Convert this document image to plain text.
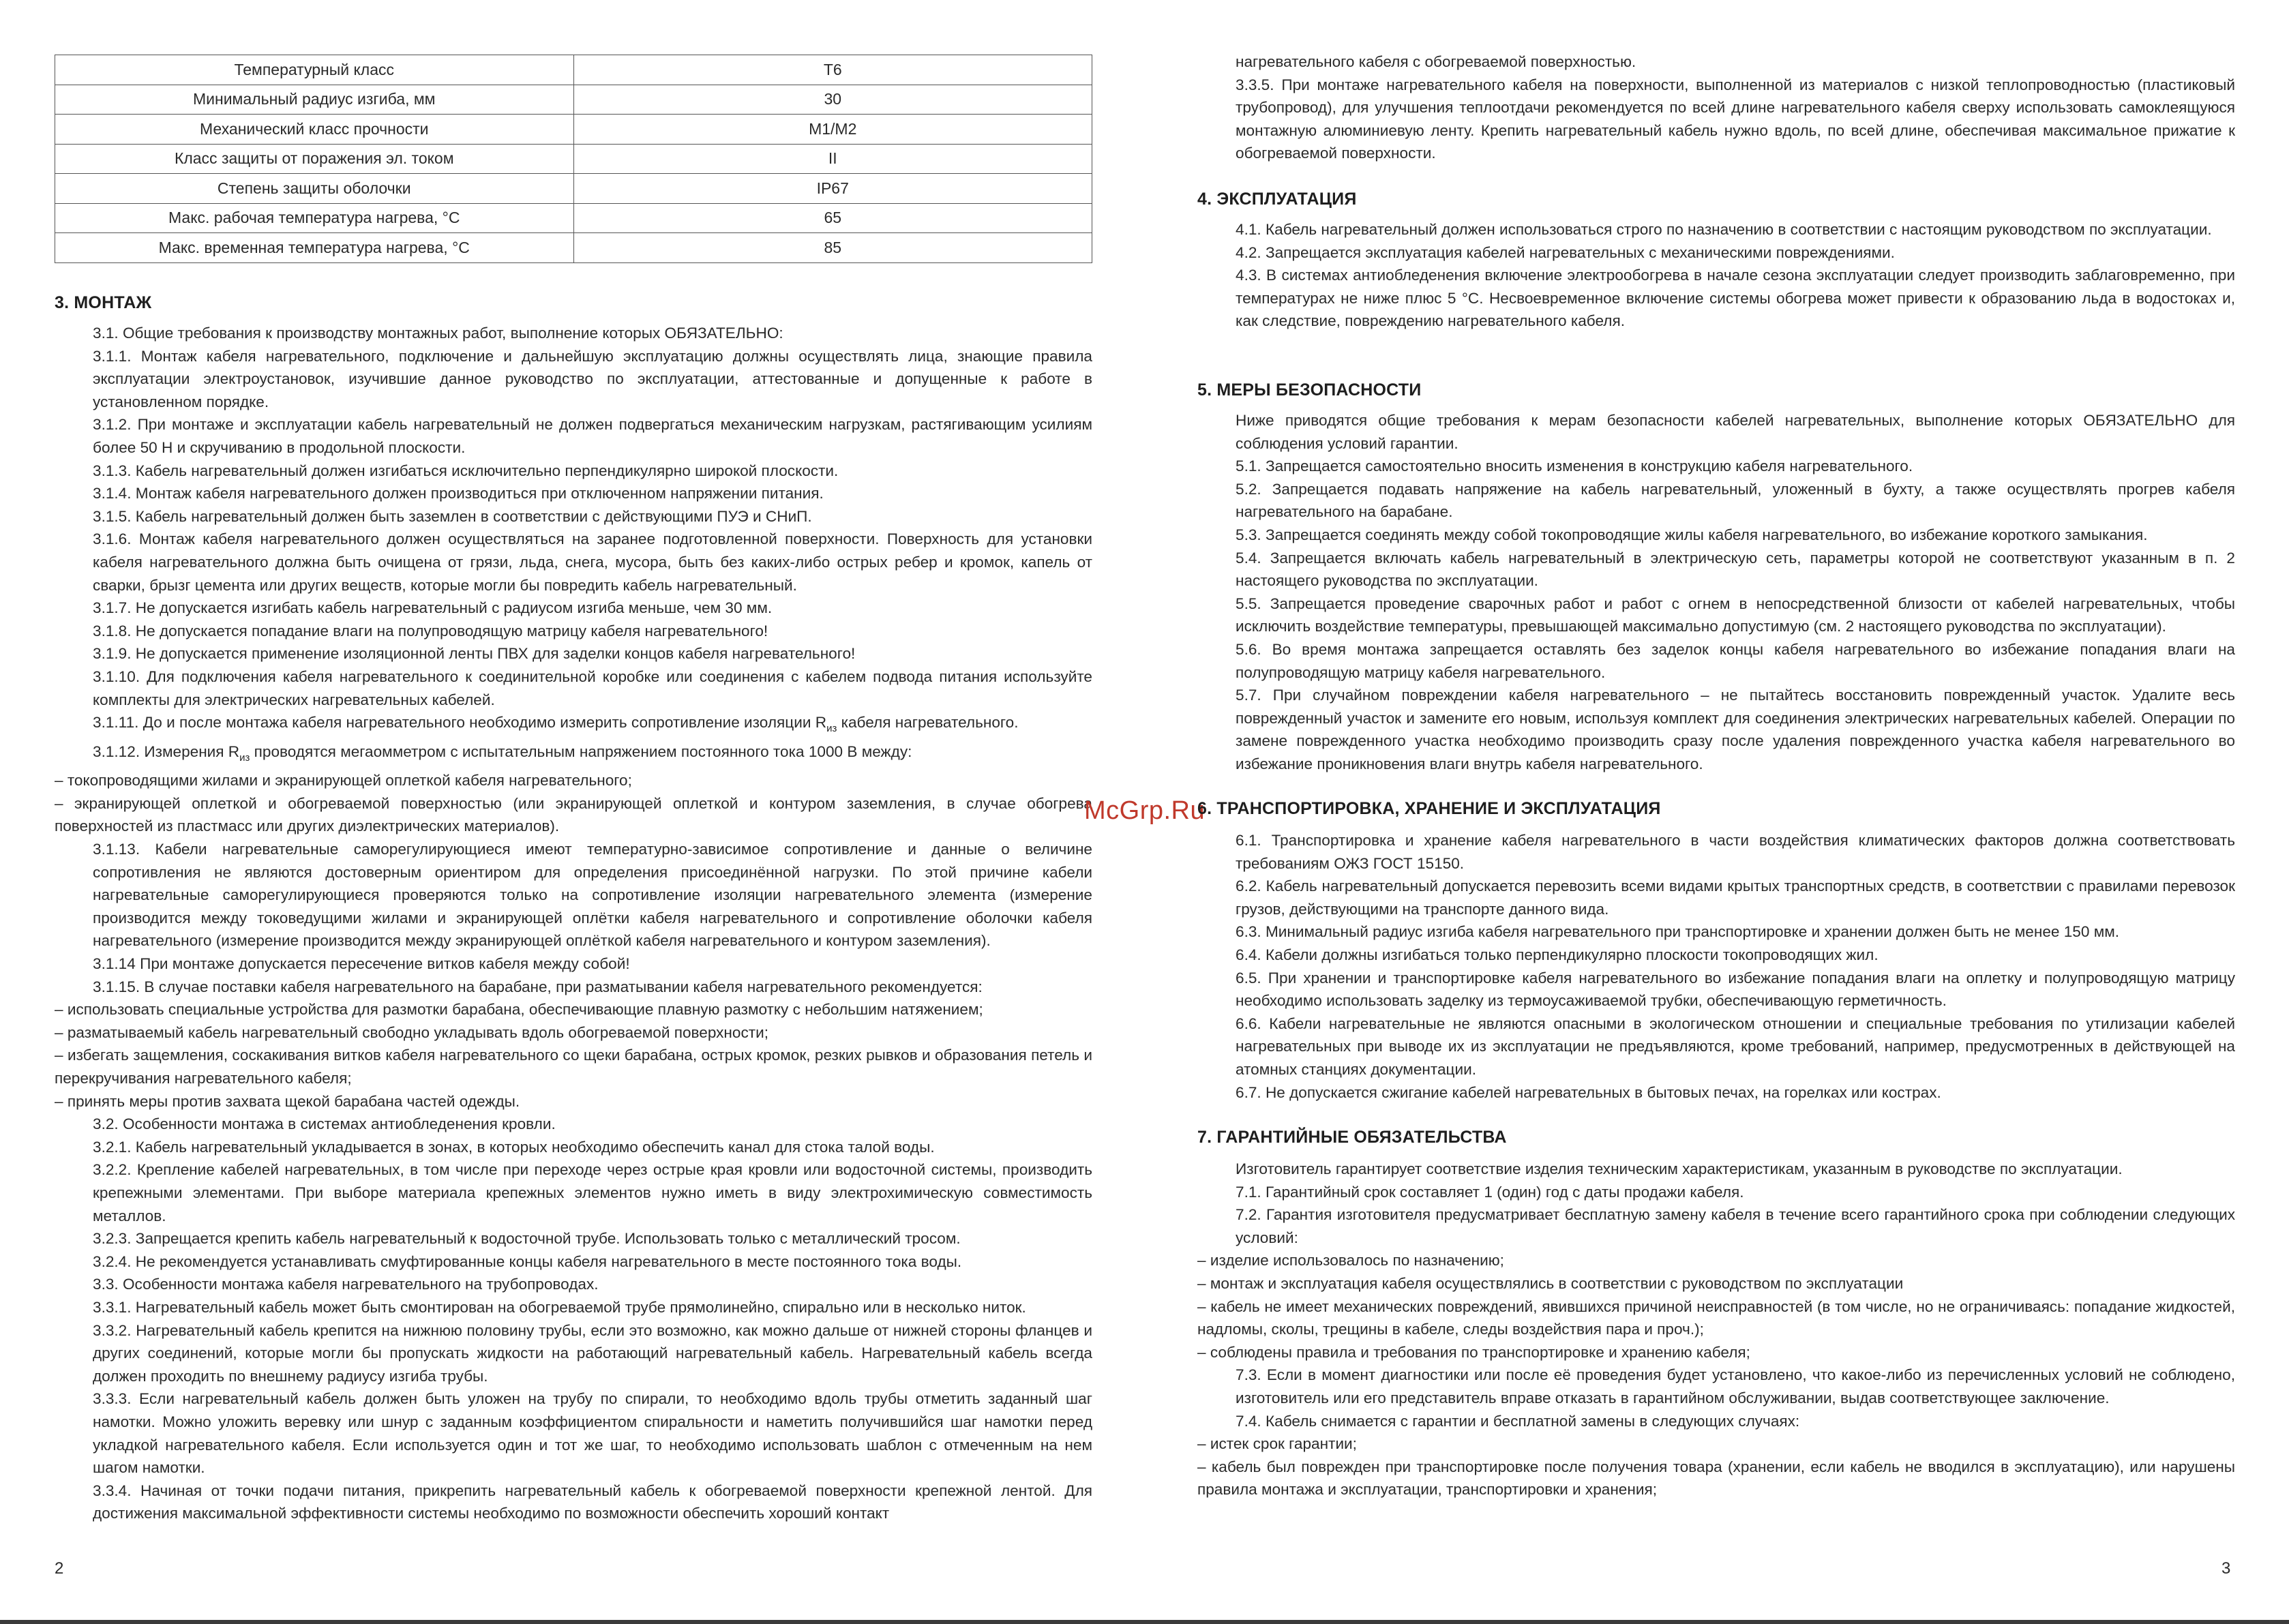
Температурный класс	Т6
Минимальный радиус изгиба, мм	30
Механический класс прочности	M1/M2
Класс защиты от поражения эл. током	II
Степень защиты оболочки	IP67
Макс. рабочая температура нагрева, °С	65
Макс. временная температура нагрева, °С	85
3. МОНТАЖ

3.1. Общие требования к производству монтажных работ, выполнение которых ОБЯЗАТЕЛЬНО:

3.1.1. Монтаж кабеля нагревательного, подключение и дальнейшую эксплуатацию должны осуществлять лица, знающие правила эксплуатации электроустановок, изучившие данное руководство по эксплуатации, аттестованные и допущенные к работе в установленном порядке.

3.1.2. При монтаже и эксплуатации кабель нагревательный не должен подвергаться механическим нагрузкам, растягивающим усилиям более 50 Н и скручиванию в продольной плоскости.

3.1.3. Кабель нагревательный должен изгибаться исключительно перпендикулярно широкой плоскости.

3.1.4. Монтаж кабеля нагревательного должен производиться при отключенном напряжении питания.

3.1.5. Кабель нагревательный должен быть заземлен в соответствии с действующими ПУЭ и СНиП.

3.1.6. Монтаж кабеля нагревательного должен осуществляться на заранее подготовленной поверхности. Поверхность для установки кабеля нагревательного должна быть очищена от грязи, льда, снега, мусора, быть без каких-либо острых ребер и кромок, капель от сварки, брызг цемента или других веществ, которые могли бы повредить кабель нагревательный.

3.1.7. Не допускается изгибать кабель нагревательный с радиусом изгиба меньше, чем 30 мм.

3.1.8. Не допускается попадание влаги на полупроводящую матрицу кабеля нагревательного!

3.1.9. Не допускается применение изоляционной ленты ПВХ для заделки концов кабеля нагревательного!

3.1.10. Для подключения кабеля нагревательного к соединительной коробке или соединения с кабелем подвода питания используйте комплекты для электрических нагревательных кабелей.

3.1.11. До и после монтажа кабеля нагревательного необходимо измерить сопротивление изоляции $R_{из}$ кабеля нагревательного.

3.1.12. Измерения $R_{из}$ проводятся мегаомметром с испытательным напряжением постоянного тока 1000 В между:

– токопроводящими жилами и экранирующей оплеткой кабеля нагревательного;

– экранирующей оплеткой и обогреваемой поверхностью (или экранирующей оплеткой и контуром заземления, в случае обогрева поверхностей из пластмасс или других диэлектрических материалов).

3.1.13. Кабели нагревательные саморегулирующиеся имеют температурно-зависимое сопротивление и данные о величине сопротивления не являются достоверным ориентиром для определения присоединённой нагрузки. По этой причине кабели нагревательные саморегулирующиеся проверяются только на сопротивление изоляции нагревательного элемента (измерение производится между токоведущими жилами и экранирующей оплётки кабеля нагревательного и сопротивление оболочки кабеля нагревательного (измерение производится между экранирующей оплёткой кабеля нагревательного и контуром заземления).

3.1.14 При монтаже допускается пересечение витков кабеля между собой!

3.1.15. В случае поставки кабеля нагревательного на барабане, при разматывании кабеля нагревательного рекомендуется:

– использовать специальные устройства для размотки барабана, обеспечивающие плавную размотку с небольшим натяжением;

– разматываемый кабель нагревательный свободно укладывать вдоль обогреваемой поверхности;

– избегать защемления, соскакивания витков кабеля нагревательного со щеки барабана, острых кромок, резких рывков и образования петель и перекручивания нагревательного кабеля;

– принять меры против захвата щекой барабана частей одежды.

3.2. Особенности монтажа в системах антиобледенения кровли.

3.2.1. Кабель нагревательный укладывается в зонах, в которых необходимо обеспечить канал для стока талой воды.

3.2.2. Крепление кабелей нагревательных, в том числе при переходе через острые края кровли или водосточной системы, производить крепежными элементами. При выборе материала крепежных элементов нужно иметь в виду электрохимическую совместимость металлов.

3.2.3. Запрещается крепить кабель нагревательный к водосточной трубе. Использовать только с металлический тросом.

3.2.4. Не рекомендуется устанавливать смуфтированные концы кабеля нагревательного в месте постоянного тока воды.

3.3. Особенности монтажа кабеля нагревательного на трубопроводах.

3.3.1. Нагревательный кабель может быть смонтирован на обогреваемой трубе прямолинейно, спирально или в несколько ниток.

3.3.2. Нагревательный кабель крепится на нижнюю половину трубы, если это возможно, как можно дальше от нижней стороны фланцев и других соединений, которые могли бы пропускать жидкости на работающий нагревательный кабель. Нагревательный кабель всегда должен проходить по внешнему радиусу изгиба трубы.

3.3.3. Если нагревательный кабель должен быть уложен на трубу по спирали, то необходимо вдоль трубы отметить заданный шаг намотки. Можно уложить веревку или шнур с заданным коэффициентом спиральности и наметить получившийся шаг намотки перед укладкой нагревательного кабеля. Если используется один и тот же шаг, то необходимо использовать шаблон с отмеченным на нем шагом намотки.

3.3.4. Начиная от точки подачи питания, прикрепить нагревательный кабель к обогреваемой поверхности крепежной лентой. Для достижения максимальной эффективности системы необходимо по возможности обеспечить хороший контакт

2
McGrp.Ru

нагревательного кабеля с обогреваемой поверхностью.

3.3.5. При монтаже нагревательного кабеля на поверхности, выполненной из материалов с низкой теплопроводностью (пластиковый трубопровод), для улучшения теплоотдачи рекомендуется по всей длине нагревательного кабеля сверху использовать самоклеящуюся монтажную алюминиевую ленту. Крепить нагревательный кабель нужно вдоль, по всей длине, обеспечивая максимальное прижатие к обогреваемой поверхности.

4. ЭКСПЛУАТАЦИЯ

4.1. Кабель нагревательный должен использоваться строго по назначению в соответствии с настоящим руководством по эксплуатации.

4.2. Запрещается эксплуатация кабелей нагревательных с механическими повреждениями.

4.3. В системах антиобледенения включение электрообогрева в начале сезона эксплуатации следует производить заблаговременно, при температурах не ниже плюс 5 °С. Несвоевременное включение системы обогрева может привести к образованию льда в водостоках и, как следствие, повреждению нагревательного кабеля.

5. МЕРЫ БЕЗОПАСНОСТИ

Ниже приводятся общие требования к мерам безопасности кабелей нагревательных, выполнение которых ОБЯЗАТЕЛЬНО для соблюдения условий гарантии.

5.1. Запрещается самостоятельно вносить изменения в конструкцию кабеля нагревательного.

5.2. Запрещается подавать напряжение на кабель нагревательный, уложенный в бухту, а также осуществлять прогрев кабеля нагревательного на барабане.

5.3. Запрещается соединять между собой токопроводящие жилы кабеля нагревательного, во избежание короткого замыкания.

5.4. Запрещается включать кабель нагревательный в электрическую сеть, параметры которой не соответствуют указанным в п. 2 настоящего руководства по эксплуатации.

5.5. Запрещается проведение сварочных работ и работ с огнем в непосредственной близости от кабелей нагревательных, чтобы исключить воздействие температуры, превышающей максимально допустимую (см. 2 настоящего руководства по эксплуатации).

5.6. Во время монтажа запрещается оставлять без заделок концы кабеля нагревательного во избежание попадания влаги на полупроводящую матрицу кабеля нагревательного.

5.7. При случайном повреждении кабеля нагревательного – не пытайтесь восстановить поврежденный участок. Удалите весь поврежденный участок и замените его новым, используя комплект для соединения электрических нагревательных кабелей. Операции по замене поврежденного участка необходимо производить сразу после удаления поврежденного участка кабеля нагревательного во избежание проникновения влаги внутрь кабеля нагревательного.

6. ТРАНСПОРТИРОВКА, ХРАНЕНИЕ И ЭКСПЛУАТАЦИЯ

6.1. Транспортировка и хранение кабеля нагревательного в части воздействия климатических факторов должна соответствовать требованиям ОЖЗ ГОСТ 15150.

6.2. Кабель нагревательный допускается перевозить всеми видами крытых транспортных средств, в соответствии с правилами перевозок грузов, действующими на транспорте данного вида.

6.3. Минимальный радиус изгиба кабеля нагревательного при транспортировке и хранении должен быть не менее 150 мм.

6.4. Кабели должны изгибаться только перпендикулярно плоскости токопроводящих жил.

6.5. При хранении и транспортировке кабеля нагревательного во избежание попадания влаги на оплетку и полупроводящую матрицу необходимо использовать заделку из термоусаживаемой трубки, обеспечивающую герметичность.

6.6. Кабели нагревательные не являются опасными в экологическом отношении и специальные требования по утилизации кабелей нагревательных при выводе их из эксплуатации не предъявляются, кроме требований, например, предусмотренных в действующей на атомных станциях документации.

6.7. Не допускается сжигание кабелей нагревательных в бытовых печах, на горелках или кострах.

7. ГАРАНТИЙНЫЕ ОБЯЗАТЕЛЬСТВА

Изготовитель гарантирует соответствие изделия техническим характеристикам, указанным в руководстве по эксплуатации.

7.1. Гарантийный срок составляет 1 (один) год с даты продажи кабеля.

7.2. Гарантия изготовителя предусматривает бесплатную замену кабеля в течение всего гарантийного срока при соблюдении следующих условий:

– изделие использовалось по назначению;

– монтаж и эксплуатация кабеля осуществлялись в соответствии с руководством по эксплуатации

– кабель не имеет механических повреждений, явившихся причиной неисправностей (в том числе, но не ограничиваясь: попадание жидкостей, надломы, сколы, трещины в кабеле, следы воздействия пара и проч.);

– соблюдены правила и требования по транспортировке и хранению кабеля;

7.3. Если в момент диагностики или после её проведения будет установлено, что какое-либо из перечисленных условий не соблюдено, изготовитель или его представитель вправе отказать в гарантийном обслуживании, выдав соответствующее заключение.

7.4. Кабель снимается с гарантии и бесплатной замены в следующих случаях:

– истек срок гарантии;

– кабель был поврежден при транспортировке после получения товара (хранении, если кабель не вводился в эксплуатацию), или нарушены правила монтажа и эксплуатации, транспортировки и хранения;

3
